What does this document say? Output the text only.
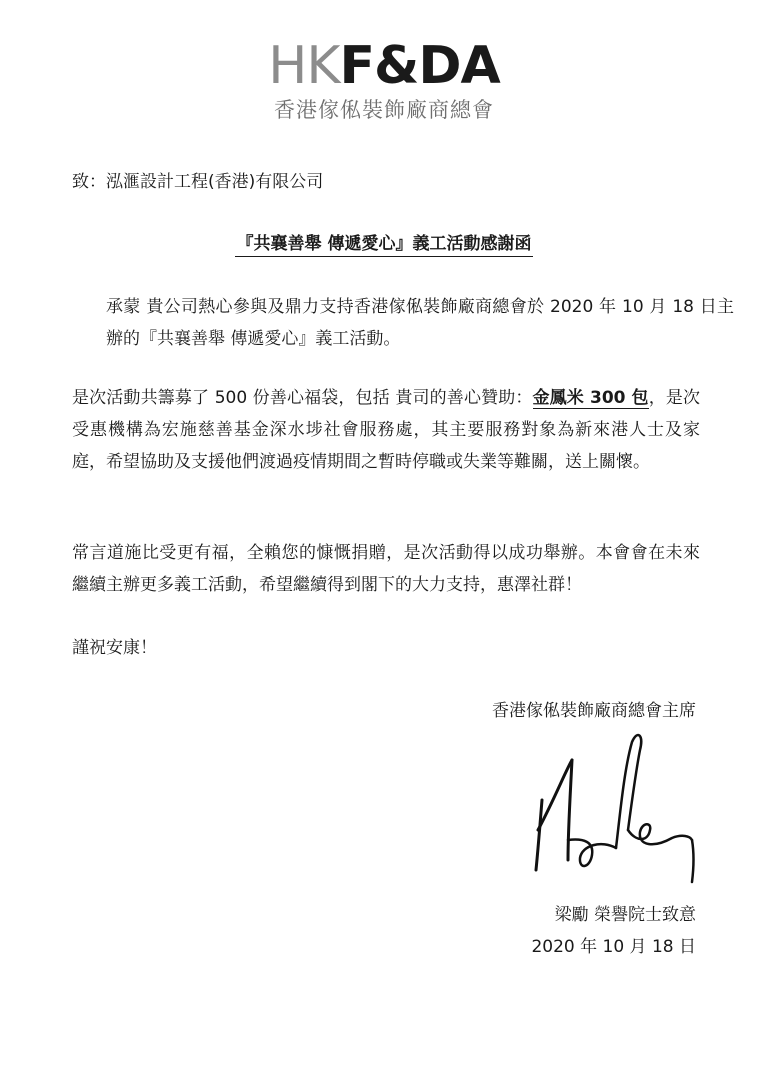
HKF&DA
香港傢俬裝飾廠商總會
致：泓滙設計工程(香港)有限公司
『共襄善舉 傳遞愛心』義工活動感謝函
承蒙 貴公司熱心參與及鼎力支持香港傢俬裝飾廠商總會於 2020 年 10 月 18 日主辦的『共襄善舉 傳遞愛心』義工活動。
是次活動共籌募了 500 份善心福袋，包括 貴司的善心贊助：金鳳米 300 包，是次受惠機構為宏施慈善基金深水埗社會服務處，其主要服務對象為新來港人士及家庭，希望協助及支援他們渡過疫情期間之暫時停職或失業等難關，送上關懷。
常言道施比受更有福，全賴您的慷慨捐贈，是次活動得以成功舉辦。本會會在未來繼續主辦更多義工活動，希望繼續得到閣下的大力支持，惠澤社群！
謹祝安康！
香港傢俬裝飾廠商總會主席
梁勵 榮譽院士致意
2020 年 10 月 18 日
